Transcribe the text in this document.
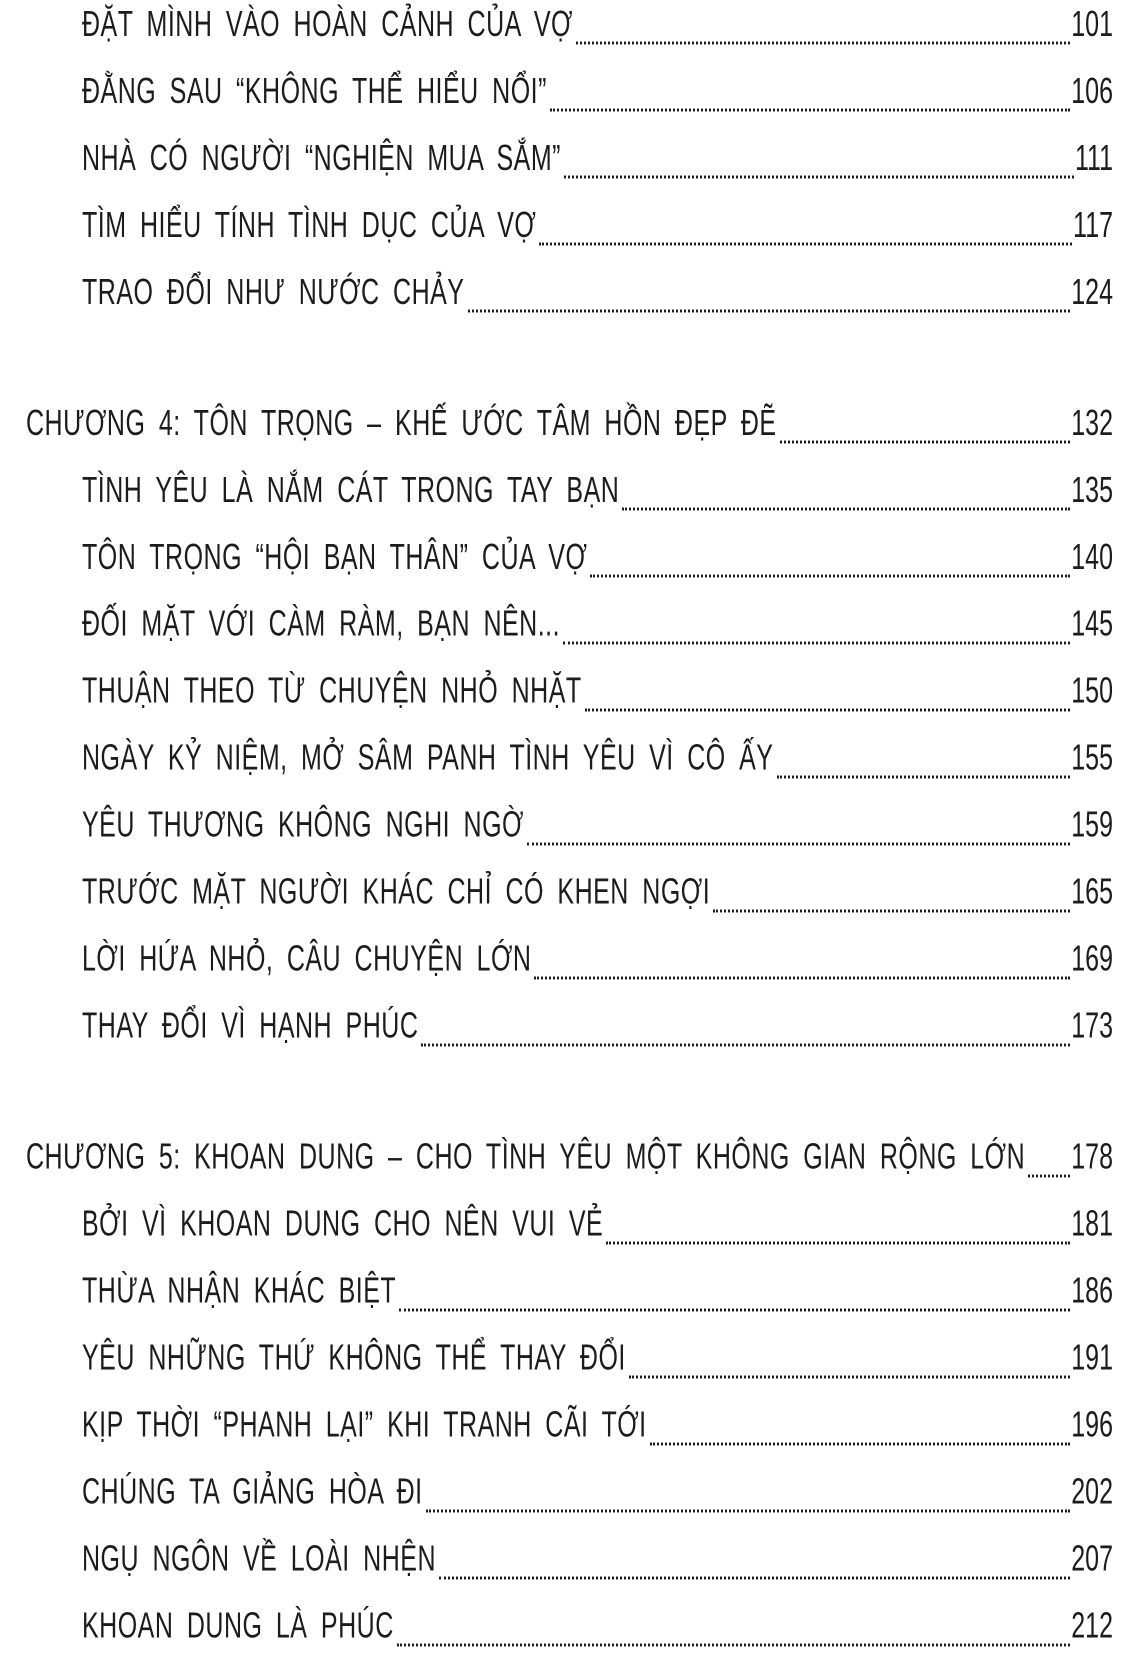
ĐẶT MÌNH VÀO HOÀN CẢNH CỦA VỢ	101
ĐẰNG SAU “KHÔNG THỂ HIỂU NỔI”	106
NHÀ CÓ NGƯỜI “NGHIỆN MUA SẮM”	111
TÌM HIỂU TÍNH TÌNH DỤC CỦA VỢ	117
TRAO ĐỔI NHƯ NƯỚC CHẢY	124
CHƯƠNG 4: TÔN TRỌNG – KHẾ ƯỚC TÂM HỒN ĐẸP ĐẼ	132
TÌNH YÊU LÀ NẮM CÁT TRONG TAY BẠN	135
TÔN TRỌNG “HỘI BẠN THÂN” CỦA VỢ	140
ĐỐI MẶT VỚI CÀM RÀM, BẠN NÊN...	145
THUẬN THEO TỪ CHUYỆN NHỎ NHẶT	150
NGÀY KỶ NIỆM, MỞ SÂM PANH TÌNH YÊU VÌ CÔ ẤY	155
YÊU THƯƠNG KHÔNG NGHI NGỜ	159
TRƯỚC MẶT NGƯỜI KHÁC CHỈ CÓ KHEN NGỢI	165
LỜI HỨA NHỎ, CÂU CHUYỆN LỚN	169
THAY ĐỔI VÌ HẠNH PHÚC	173
CHƯƠNG 5: KHOAN DUNG – CHO TÌNH YÊU MỘT KHÔNG GIAN RỘNG LỚN 178
BỞI VÌ KHOAN DUNG CHO NÊN VUI VẺ	181
THỪA NHẬN KHÁC BIỆT	186
YÊU NHỮNG THỨ KHÔNG THỂ THAY ĐỔI	191
KỊP THỜI “PHANH LẠI” KHI TRANH CÃI TỚI	196
CHÚNG TA GIẢNG HÒA ĐI	202
NGỤ NGÔN VỀ LOÀI NHỆN	207
KHOAN DUNG LÀ PHÚC	212
